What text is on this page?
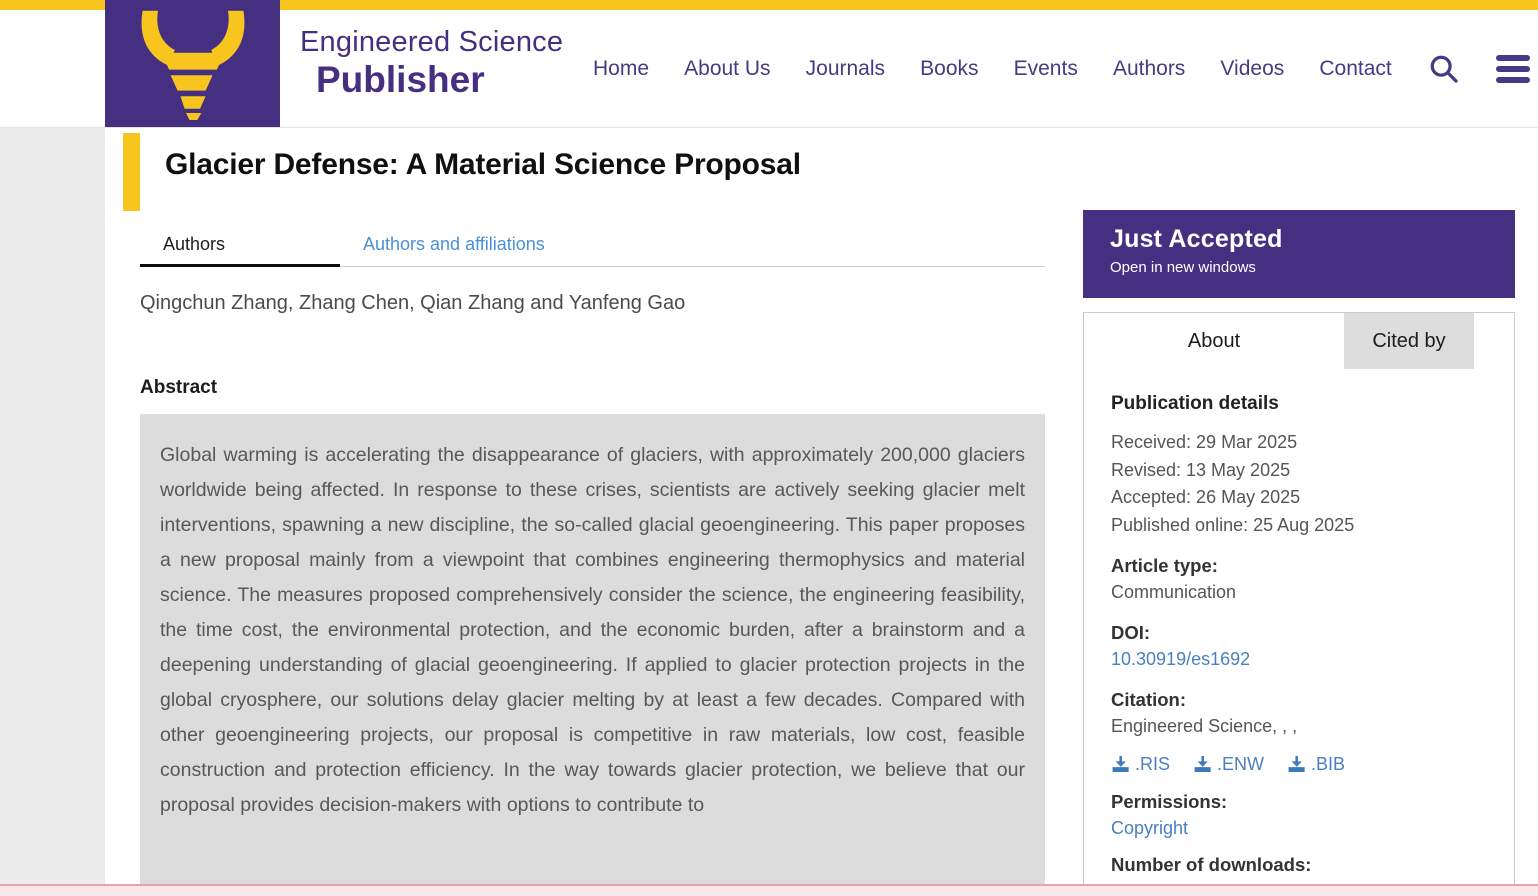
Engineered Science
Publisher	Home About Us Journals Books Events Authors Videos Contact
Glacier Defense: A Material Science Proposal
Authors	Authors and affiliations

Qingchun Zhang, Zhang Chen, Qian Zhang and Yanfeng Gao

Abstract
Global warming is accelerating the disappearance of glaciers, with approximately 200,000 glaciers worldwide being affected. In response to these crises, scientists are actively seeking glacier melt interventions, spawning a new discipline, the so-called glacial geoengineering. This paper proposes a new proposal mainly from a viewpoint that combines engineering thermophysics and material science. The measures proposed comprehensively consider the science, the engineering feasibility, the time cost, the environmental protection, and the economic burden, after a brainstorm and a deepening understanding of glacial geoengineering. If applied to glacier protection projects in the global cryosphere, our solutions delay glacier melting by at least a few decades. Compared with other geoengineering projects, our proposal is competitive in raw materials, low cost, feasible construction and protection efficiency. In the way towards glacier protection, we believe that our proposal provides decision-makers with options to contribute to
Just Accepted
Open in new windows
About	Cited by
Publication details
Received: 29 Mar 2025
Revised: 13 May 2025
Accepted: 26 May 2025
Published online: 25 Aug 2025
Article type:
Communication
DOI:
10.30919/es1692
Citation:
Engineered Science, , ,
.RIS	.ENW	.BIB
Permissions:
Copyright
Number of downloads:
